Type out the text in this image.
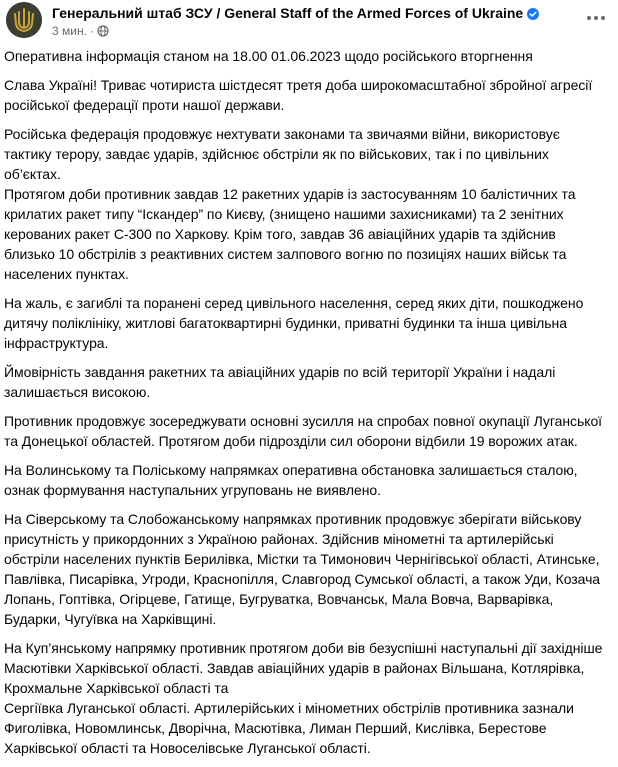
Генеральний штаб ЗСУ / General Staff of the Armed Forces of Ukraine
3 мин. ·

Оперативна інформація станом на 18.00 01.06.2023 щодо російського вторгнення

Слава Україні! Триває чотириста шістдесят третя доба широкомасштабної збройної агресії російської федерації проти нашої держави.

Російська федерація продовжує нехтувати законами та звичаями війни, використовує тактику терору, завдає ударів, здійснює обстріли як по військових, так і по цивільних об’єктах.

Протягом доби противник завдав 12 ракетних ударів із застосуванням 10 балістичних та крилатих ракет типу “Іскандер” по Києву, (знищено нашими захисниками) та 2 зенітних керованих ракет С-300 по Харкову. Крім того, завдав 36 авіаційних ударів та здійснив близько 10 обстрілів з реактивних систем залпового вогню по позиціях наших військ та населених пунктах.

На жаль, є загиблі та поранені серед цивільного населення, серед яких діти, пошкоджено дитячу поліклініку, житлові багатоквартирні будинки, приватні будинки та інша цивільна інфраструктура.

Ймовірність завдання ракетних та авіаційних ударів по всій території України і надалі залишається високою.

Противник продовжує зосереджувати основні зусилля на спробах повної окупації Луганської та Донецької областей. Протягом доби підрозділи сил оборони відбили 19 ворожих атак.

На Волинському та Поліському напрямках оперативна обстановка залишається сталою, ознак формування наступальних угруповань не виявлено.

На Сіверському та Слобожанському напрямках противник продовжує зберігати військову присутність у прикордонних з Україною районах. Здійснив мінометні та артилерійські обстріли населених пунктів Берилівка, Містки та Тимонович Чернігівської області, Атинське, Павлівка, Писарівка, Угроди, Краснопілля, Славгород Сумської області, а також Уди, Козача Лопань, Гоптівка, Огірцеве, Гатище, Бугруватка, Вовчанськ, Мала Вовча, Варварівка, Бударки, Чугуївка на Харківщині.

На Куп’янському напрямку противник протягом доби вів безуспішні наступальні дії західніше Масютівки Харківської області. Завдав авіаційних ударів в районах Вільшана, Котлярівка, Крохмальне Харківської області та

Сергіївка Луганської області. Артилерійських і мінометних обстрілів противника зазнали Фиголівка, Новомлинськ, Дворічна, Масютівка, Лиман Перший, Кислівка, Берестове Харківської області та Новоселівське Луганської області.
